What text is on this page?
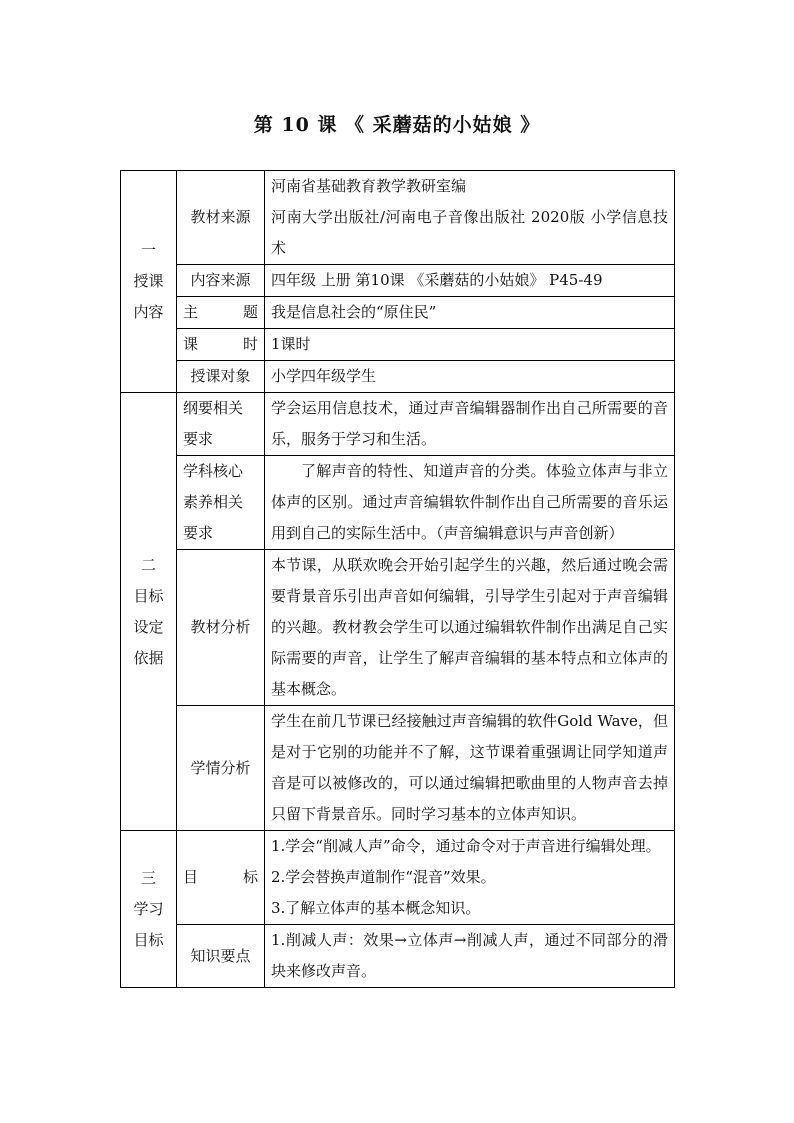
第 10 课 《 采蘑菇的小姑娘 》
一
授课
内容	教材来源	河南省基础教育教学教研室编
河南大学出版社/河南电子音像出版社 2020版 小学信息技术

	内容来源	四年级 上册 第10课 《采蘑菇的小姑娘》 P45-49
	主 题	我是信息社会的“原住民”
	课 时	1课时
	授课对象	小学四年级学生

二
目标
设定
依据	纲要相关
要求	学会运用信息技术，通过声音编辑器制作出自己所需要的音乐，服务于学习和生活。

	学科核心
素养相关
要求	了解声音的特性、知道声音的分类。体验立体声与非立体声的区别。通过声音编辑软件制作出自己所需要的音乐运用到自己的实际生活中。（声音编辑意识与声音创新）
	教材分析	本节课，从联欢晚会开始引起学生的兴趣，然后通过晚会需要背景音乐引出声音如何编辑，引导学生引起对于声音编辑的兴趣。教材教会学生可以通过编辑软件制作出满足自己实际需要的声音，让学生了解声音编辑的基本特点和立体声的基本概念。
	学情分析	学生在前几节课已经接触过声音编辑的软件Gold Wave，但是对于它别的功能并不了解，这节课着重强调让同学知道声音是可以被修改的，可以通过编辑把歌曲里的人物声音去掉只留下背景音乐。同时学习基本的立体声知识。

三
学习
目标	目 标	1.学会“削减人声”命令，通过命令对于声音进行编辑处理。
2.学会替换声道制作“混音”效果。
3.了解立体声的基本概念知识。

	知识要点	1.削减人声：效果→立体声→削减人声，通过不同部分的滑块来修改声音。
